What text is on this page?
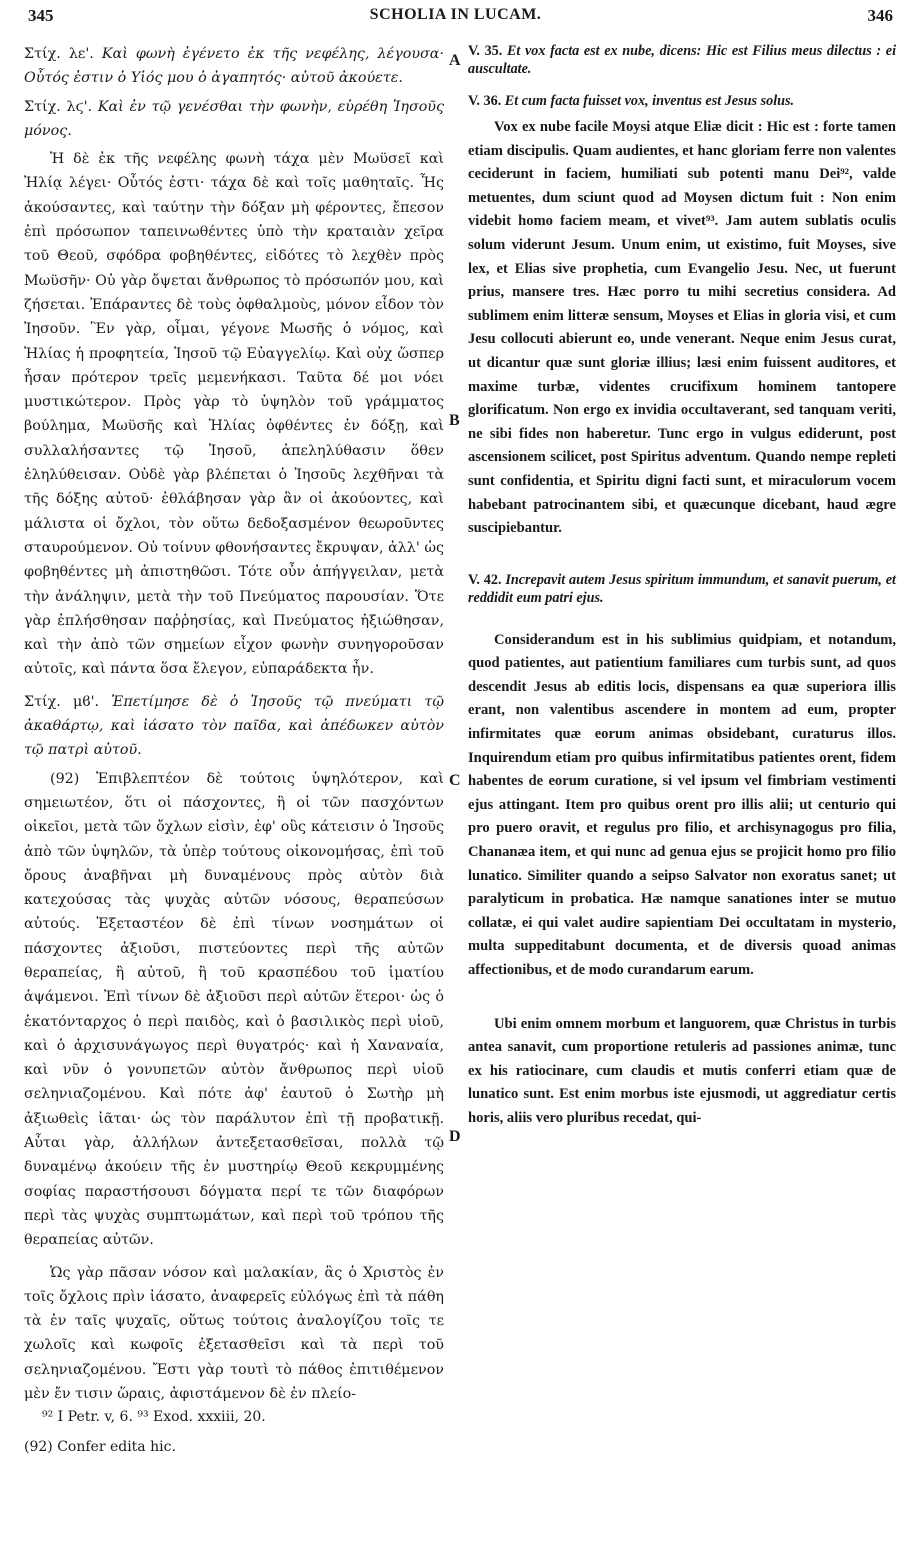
345	SCHOLIA IN LUCAM.	346

Στίχ. λε'. Καὶ φωνὴ ἐγένετο ἐκ τῆς νεφέλης, λέγουσα· Οὗτός ἐστιν ὁ Υἱός μου ὁ ἀγαπητός· αὐτοῦ ἀκούετε.

Στίχ. λϛ'. Καὶ ἐν τῷ γενέσθαι τὴν φωνὴν, εὑρέθη Ἰησοῦς μόνος.

Ἡ δὲ ἐκ τῆς νεφέλης φωνὴ τάχα μὲν Μωϋσεῖ καὶ Ἠλίᾳ λέγει· Οὗτός ἐστι· τάχα δὲ καὶ τοῖς μαθηταῖς. Ἧς ἀκούσαντες, καὶ ταύτην τὴν δόξαν μὴ φέροντες, ἔπεσον ἐπὶ πρόσωπον ταπεινωθέντες ὑπὸ τὴν κραταιὰν χεῖρα τοῦ Θεοῦ, σφόδρα φοβηθέντες, εἰδότες τὸ λεχθὲν πρὸς Μωϋσῆν· Οὐ γὰρ ὄψεται ἄνθρωπος τὸ πρόσωπόν μου, καὶ ζήσεται. Ἐπάραντες δὲ τοὺς ὀφθαλμοὺς, μόνον εἶδον τὸν Ἰησοῦν. Ἓν γὰρ, οἶμαι, γέγονε Μωσῆς ὁ νόμος, καὶ Ἠλίας ἡ προφητεία, Ἰησοῦ τῷ Εὐαγγελίῳ. Καὶ οὐχ ὥσπερ ἦσαν πρότερον τρεῖς μεμενήκασι. Ταῦτα δέ μοι νόει μυστικώτερον. Πρὸς γὰρ τὸ ὑψηλὸν τοῦ γράμματος βούλημα, Μωϋσῆς καὶ Ἠλίας ὀφθέντες ἐν δόξῃ, καὶ συλλαλήσαντες τῷ Ἰησοῦ, ἀπεληλύθασιν ὅθεν ἐληλύθεισαν. Οὐδὲ γὰρ βλέπεται ὁ Ἰησοῦς λεχθῆναι τὰ τῆς δόξης αὐτοῦ· ἐθλάβησαν γὰρ ἂν οἱ ἀκούοντες, καὶ μάλιστα οἱ ὄχλοι, τὸν οὕτω δεδοξασμένον θεωροῦντες σταυρούμενον. Οὐ τοίνυν φθονήσαντες ἔκρυψαν, ἀλλ' ὡς φοβηθέντες μὴ ἀπιστηθῶσι. Τότε οὖν ἀπήγγειλαν, μετὰ τὴν ἀνάληψιν, μετὰ τὴν τοῦ Πνεύματος παρουσίαν. Ὅτε γὰρ ἐπλήσθησαν παῤῥησίας, καὶ Πνεύματος ἠξιώθησαν, καὶ τὴν ἀπὸ τῶν σημείων εἶχον φωνὴν συνηγοροῦσαν αὐτοῖς, καὶ πάντα ὅσα ἔλεγον, εὐπαράδεκτα ἦν.

Στίχ. μϐ'. Ἐπετίμησε δὲ ὁ Ἰησοῦς τῷ πνεύματι τῷ ἀκαθάρτῳ, καὶ ἰάσατο τὸν παῖδα, καὶ ἀπέδωκεν αὐτὸν τῷ πατρὶ αὐτοῦ.

(92) Ἐπιβλεπτέον δὲ τούτοις ὑψηλότερον, καὶ σημειωτέον, ὅτι οἱ πάσχοντες, ἢ οἱ τῶν πασχόντων οἰκεῖοι, μετὰ τῶν ὄχλων εἰσὶν, ἐφ' οὓς κάτεισιν ὁ Ἰησοῦς ἀπὸ τῶν ὑψηλῶν, τὰ ὑπὲρ τούτους οἰκονομήσας, ἐπὶ τοῦ ὄρους ἀναβῆναι μὴ δυναμένους πρὸς αὐτὸν διὰ κατεχούσας τὰς ψυχὰς αὐτῶν νόσους, θεραπεύσων αὐτούς. Ἐξεταστέον δὲ ἐπὶ τίνων νοσημάτων οἱ πάσχοντες ἀξιοῦσι, πιστεύοντες περὶ τῆς αὐτῶν θεραπείας, ἢ αὐτοῦ, ἢ τοῦ κρασπέδου τοῦ ἱματίου ἁψάμενοι. Ἐπὶ τίνων δὲ ἀξιοῦσι περὶ αὐτῶν ἕτεροι· ὡς ὁ ἑκατόνταρχος ὁ περὶ παιδὸς, καὶ ὁ βασιλικὸς περὶ υἱοῦ, καὶ ὁ ἀρχισυνάγωγος περὶ θυγατρός· καὶ ἡ Χαναναία, καὶ νῦν ὁ γονυπετῶν αὐτὸν ἄνθρωπος περὶ υἱοῦ σεληνιαζομένου. Καὶ πότε ἀφ' ἑαυτοῦ ὁ Σωτὴρ μὴ ἀξιωθεὶς ἰᾶται· ὡς τὸν παράλυτον ἐπὶ τῇ προβατικῇ. Αὗται γὰρ, ἀλλήλων ἀντεξετασθεῖσαι, πολλὰ τῷ δυναμένῳ ἀκούειν τῆς ἐν μυστηρίῳ Θεοῦ κεκρυμμένης σοφίας παραστήσουσι δόγματα περί τε τῶν διαφόρων περὶ τὰς ψυχὰς συμπτωμάτων, καὶ περὶ τοῦ τρόπου τῆς θεραπείας αὐτῶν.

Ὡς γὰρ πᾶσαν νόσον καὶ μαλακίαν, ἃς ὁ Χριστὸς ἐν τοῖς ὄχλοις πρὶν ἰάσατο, ἀναφερεῖς εὐλόγως ἐπὶ τὰ πάθη τὰ ἐν ταῖς ψυχαῖς, οὕτως τούτοις ἀναλογίζου τοῖς τε χωλοῖς καὶ κωφοῖς ἐξετασθεῖσι καὶ τὰ περὶ τοῦ σεληνιαζομένου. Ἔστι γὰρ τουτὶ τὸ πάθος ἐπιτιθέμενον μὲν ἔν τισιν ὥραις, ἀφιστάμενον δὲ ἐν πλείο-

⁹² I Petr. v, 6. ⁹³ Exod. xxxiii, 20.

(92) Confer edita hic.

A
B
C
D

V. 35. Et vox facta est ex nube, dicens: Hic est Filius meus dilectus : ei auscultate.

V. 36. Et cum facta fuisset vox, inventus est Jesus solus.

Vox ex nube facile Moysi atque Eliæ dicit : Hic est : forte tamen etiam discipulis. Quam audientes, et hanc gloriam ferre non valentes ceciderunt in faciem, humiliati sub potenti manu Dei⁹², valde metuentes, dum sciunt quod ad Moysen dictum fuit : Non enim videbit homo faciem meam, et vivet⁹³. Jam autem sublatis oculis solum viderunt Jesum. Unum enim, ut existimo, fuit Moyses, sive lex, et Elias sive prophetia, cum Evangelio Jesu. Nec, ut fuerunt prius, mansere tres. Hæc porro tu mihi secretius considera. Ad sublimem enim litteræ sensum, Moyses et Elias in gloria visi, et cum Jesu collocuti abierunt eo, unde venerant. Neque enim Jesus curat, ut dicantur quæ sunt gloriæ illius; læsi enim fuissent auditores, et maxime turbæ, videntes crucifixum hominem tantopere glorificatum. Non ergo ex invidia occultaverant, sed tanquam veriti, ne sibi fides non haberetur. Tunc ergo in vulgus ediderunt, post ascensionem scilicet, post Spiritus adventum. Quando nempe repleti sunt confidentia, et Spiritu digni facti sunt, et miraculorum vocem habebant patrocinantem sibi, et quæcunque dicebant, haud ægre suscipiebantur.

V. 42. Increpavit autem Jesus spiritum immundum, et sanavit puerum, et reddidit eum patri ejus.

Considerandum est in his sublimius quidpiam, et notandum, quod patientes, aut patientium familiares cum turbis sunt, ad quos descendit Jesus ab editis locis, dispensans ea quæ superiora illis erant, non valentibus ascendere in montem ad eum, propter infirmitates quæ eorum animas obsidebant, curaturus illos. Inquirendum etiam pro quibus infirmitatibus patientes orent, fidem habentes de eorum curatione, si vel ipsum vel fimbriam vestimenti ejus attingant. Item pro quibus orent pro illis alii; ut centurio qui pro puero oravit, et regulus pro filio, et archisynagogus pro filia, Chananæa item, et qui nunc ad genua ejus se projicit homo pro filio lunatico. Similiter quando a seipso Salvator non exoratus sanet; ut paralyticum in probatica. Hæ namque sanationes inter se mutuo collatæ, ei qui valet audire sapientiam Dei occultatam in mysterio, multa suppeditabunt documenta, et de diversis quoad animas affectionibus, et de modo curandarum earum.

Ubi enim omnem morbum et languorem, quæ Christus in turbis antea sanavit, cum proportione retuleris ad passiones animæ, tunc ex his ratiocinare, cum claudis et mutis conferri etiam quæ de lunatico sunt. Est enim morbus iste ejusmodi, ut aggrediatur certis horis, aliis vero pluribus recedat, qui-
